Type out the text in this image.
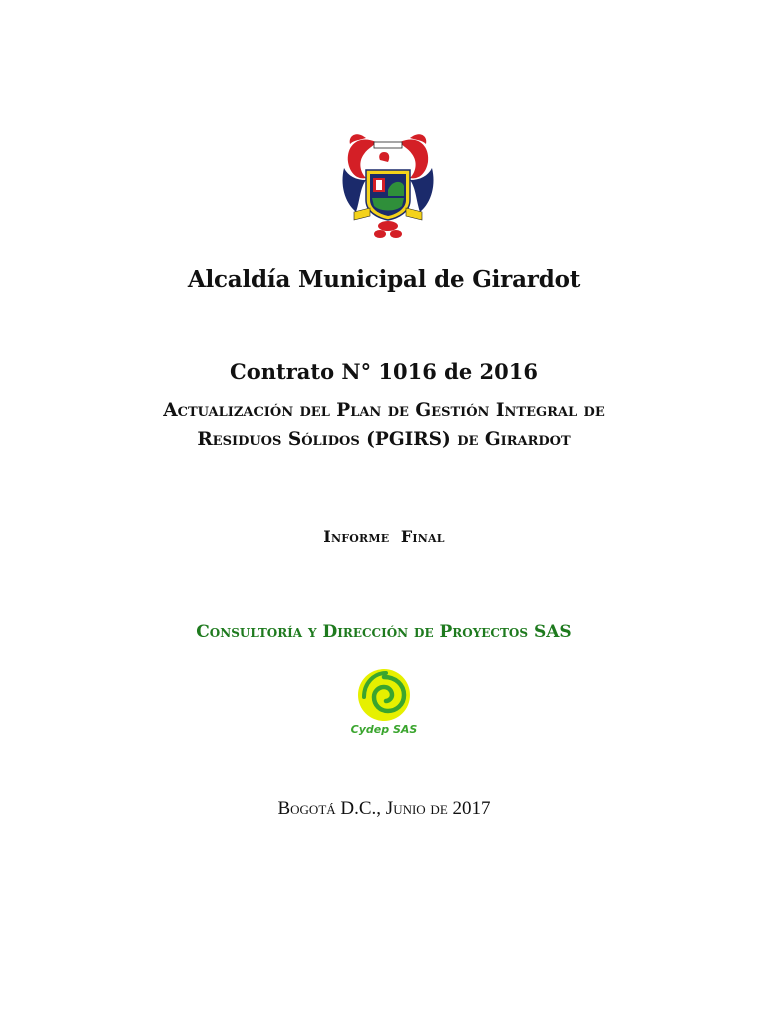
Alcaldía Municipal de Girardot
Contrato N° 1016 de 2016
Actualización del Plan de Gestión Integral de
Residuos Sólidos (PGIRS) de Girardot
Informe  Final
Consultoría y Dirección de Proyectos SAS
Cydep SAS
Bogotá D.C., Junio de 2017
